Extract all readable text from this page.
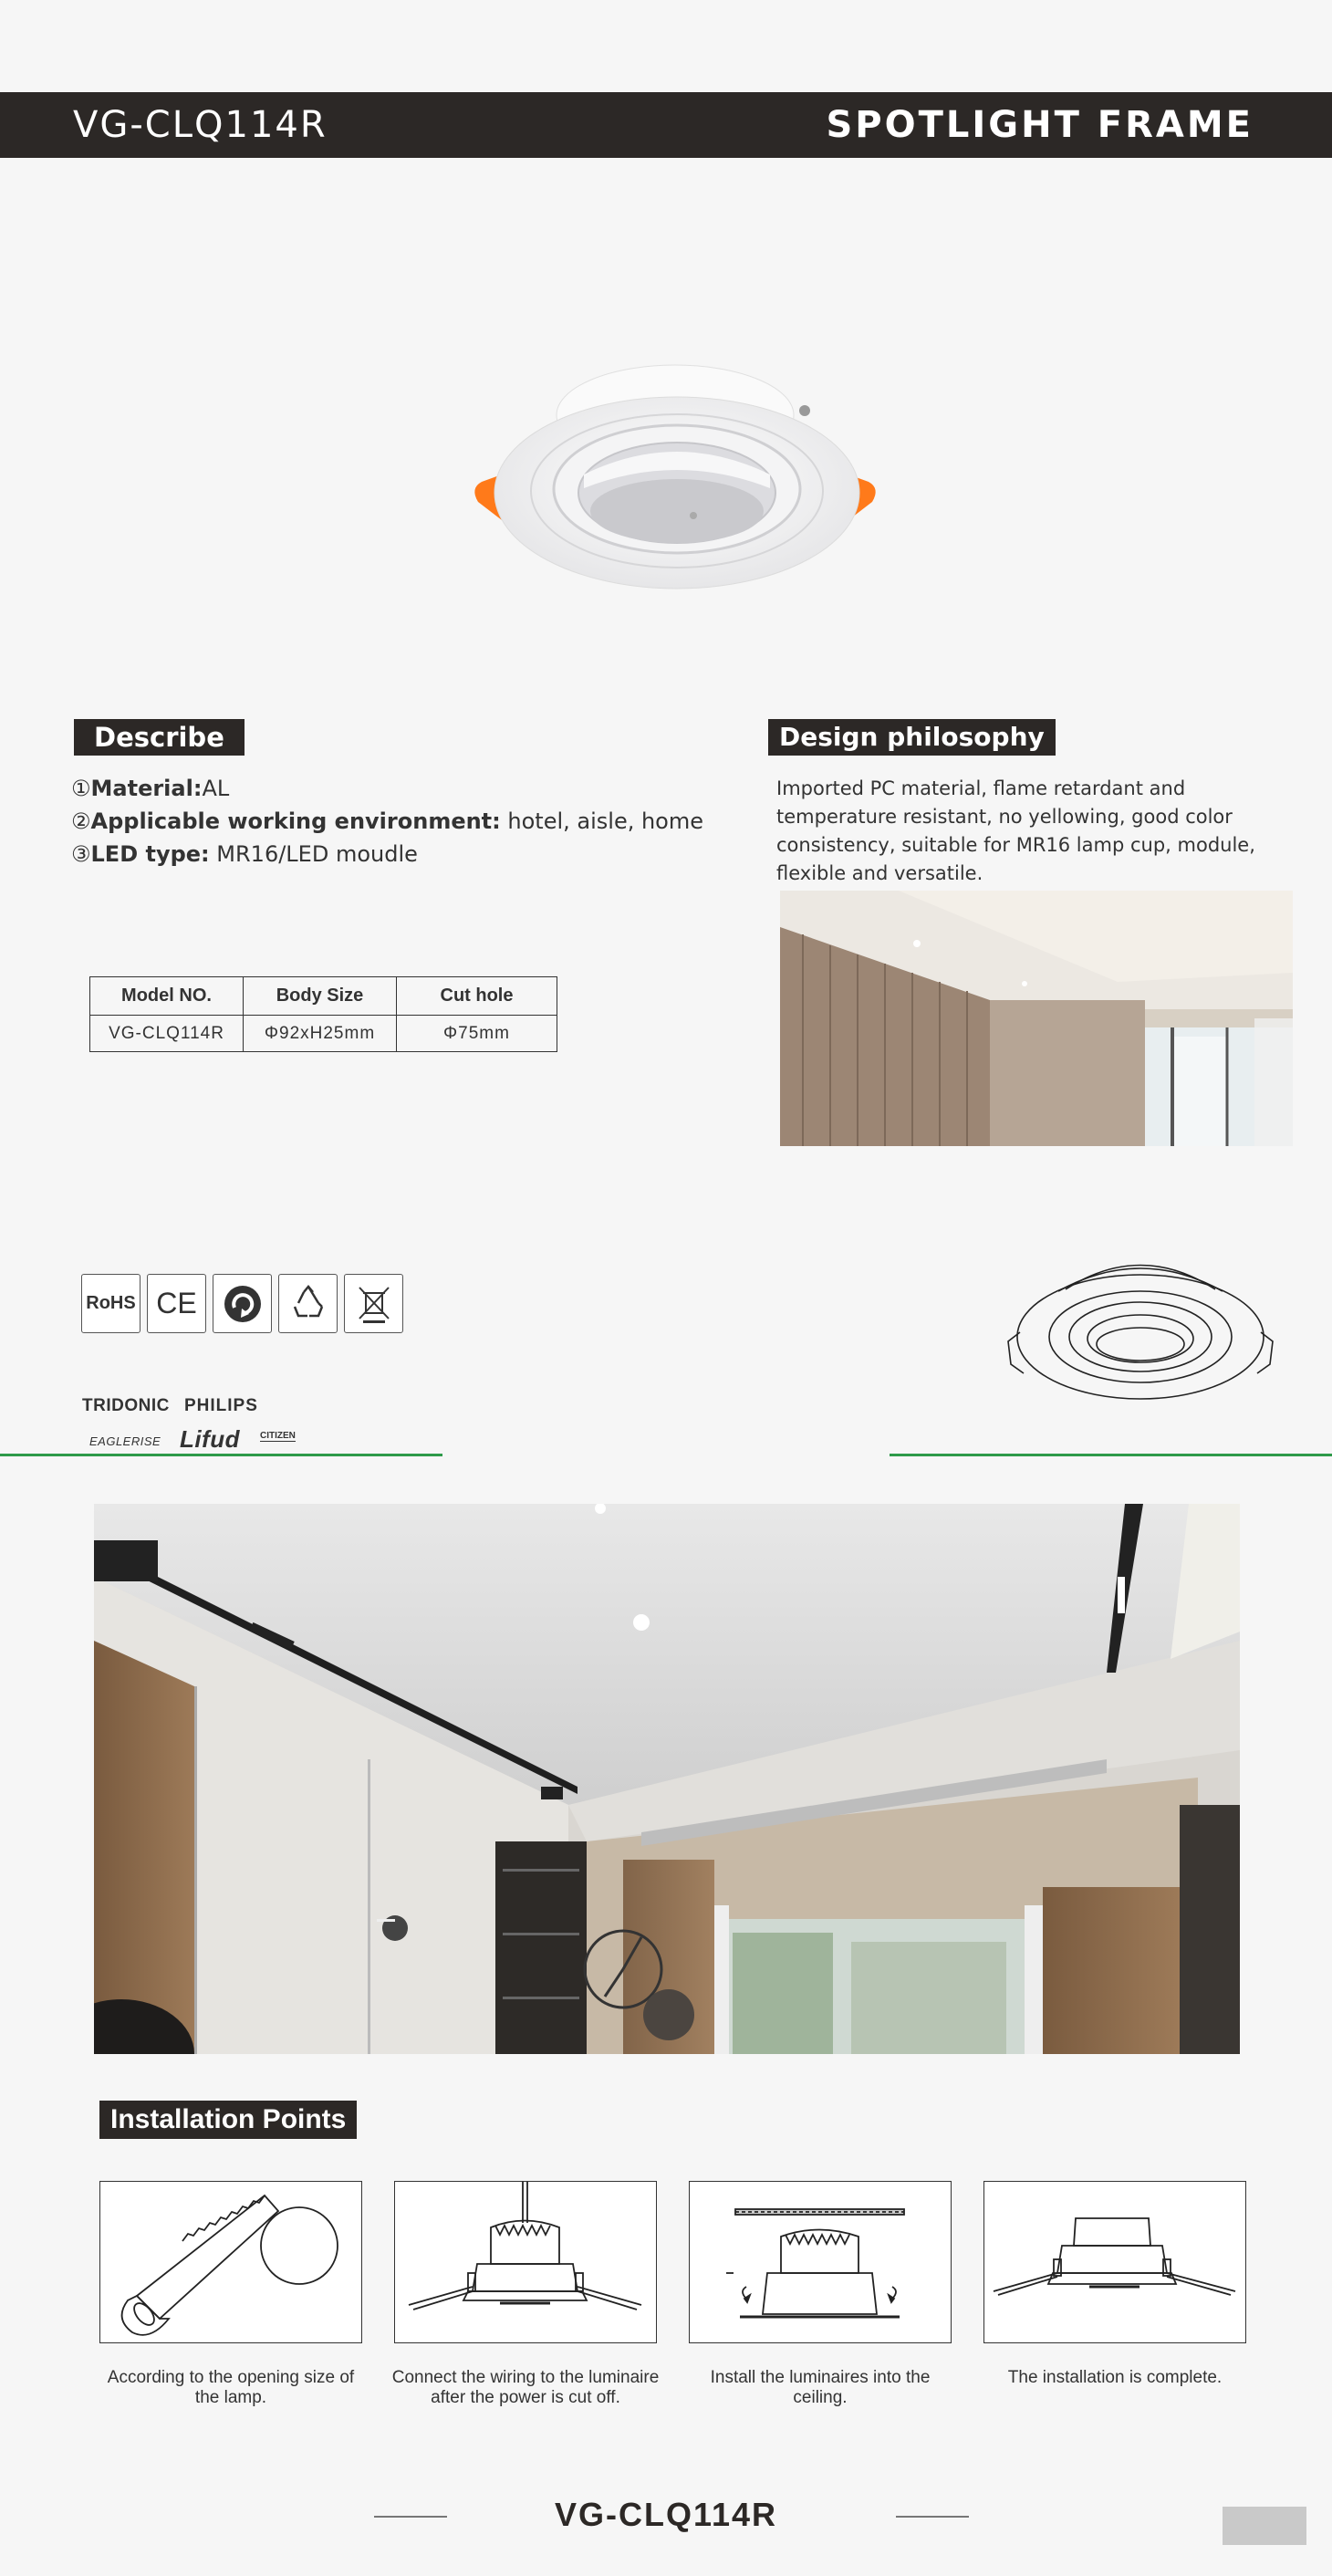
VG-CLQ114R	SPOTLIGHT FRAME
Describe
①Material:AL
②Applicable working environment: hotel, aisle, home
③LED type: MR16/LED moudle
Design philosophy
Imported PC material, flame retardant and temperature resistant, no yellowing, good color consistency, suitable for MR16 lamp cup, module, flexible and versatile.
Model NO.	Body Size	Cut hole
VG-CLQ114R	Φ92xH25mm	Φ75mm
RoHS CE
TRIDONIC PHILIPS
EAGLERISE Lifud CITIZEN
Installation Points
According to the opening size of the lamp.
Connect the wiring to the luminaire after the power is cut off.
Install the luminaires into the ceiling.
The installation is complete.
VG-CLQ114R
